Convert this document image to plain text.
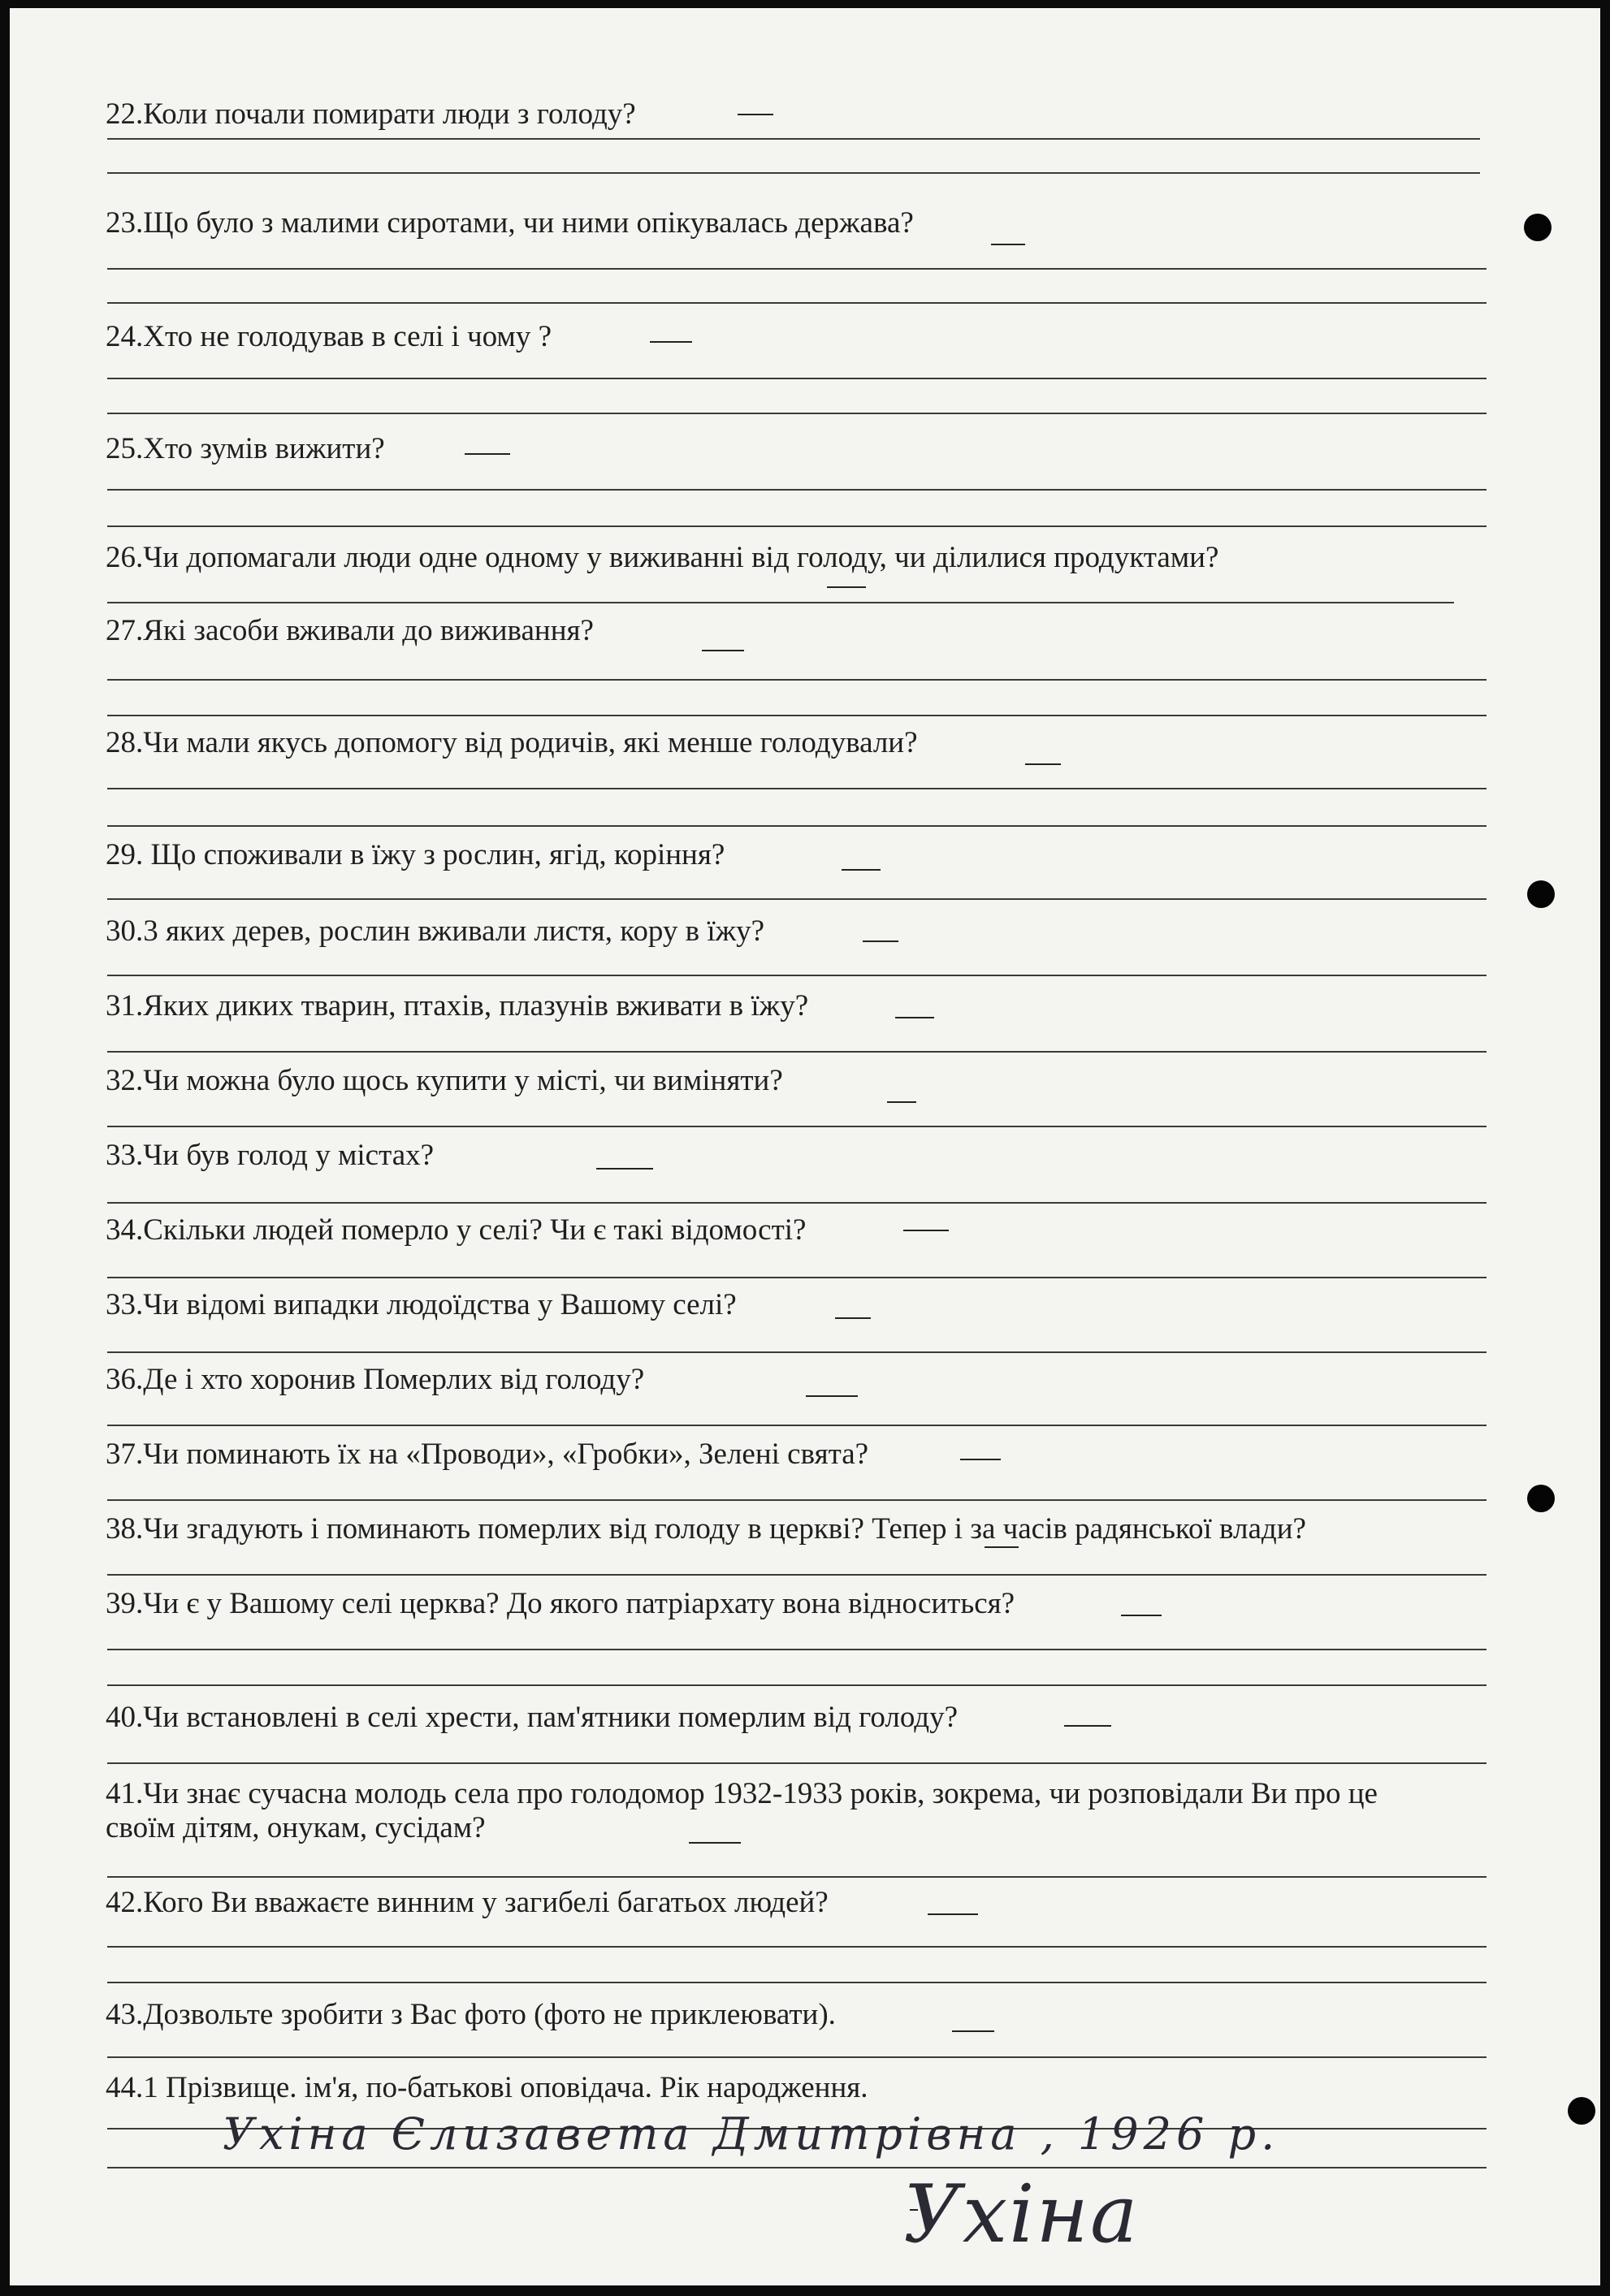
22.Коли почали помирати люди з голоду?
23.Що було з малими сиротами, чи ними опікувалась держава?
24.Хто не голодував в селі і чому ?
25.Хто зумів вижити?
26.Чи допомагали люди одне одному у виживанні від голоду, чи ділилися продуктами?
27.Які засоби вживали до виживання?
28.Чи мали якусь допомогу від родичів, які менше голодували?
29. Що споживали в їжу з рослин, ягід, коріння?
30.3 яких дерев, рослин вживали листя, кору в їжу?
31.Яких диких тварин, птахів, плазунів вживати в їжу?
32.Чи можна було щось купити у місті, чи виміняти?
33.Чи був голод у містах?
34.Скільки людей померло у селі? Чи є такі відомості?
33.Чи відомі випадки людоїдства у Вашому селі?
36.Де і хто хоронив Померлих від голоду?
37.Чи поминають їх на «Проводи», «Гробки», Зелені свята?
38.Чи згадують і поминають померлих від голоду в церкві? Тепер і за часів радянської влади?
39.Чи є у Вашому селі церква? До якого патріархату вона відноситься?
40.Чи встановлені в селі хрести, пам'ятники померлим від голоду?
41.Чи знає сучасна молодь села про голодомор 1932-1933 років, зокрема, чи розповідали Ви про це
своїм дітям, онукам, сусідам?
42.Кого Ви вважаєте винним у загибелі багатьох людей?
43.Дозвольте зробити з Вас фото (фото не приклеювати).
44.1 Прізвище. ім'я, по-батькові оповідача. Рік народження.
Ухіна Єлизавета Дмитрівна , 1926 р.
Ухіна
